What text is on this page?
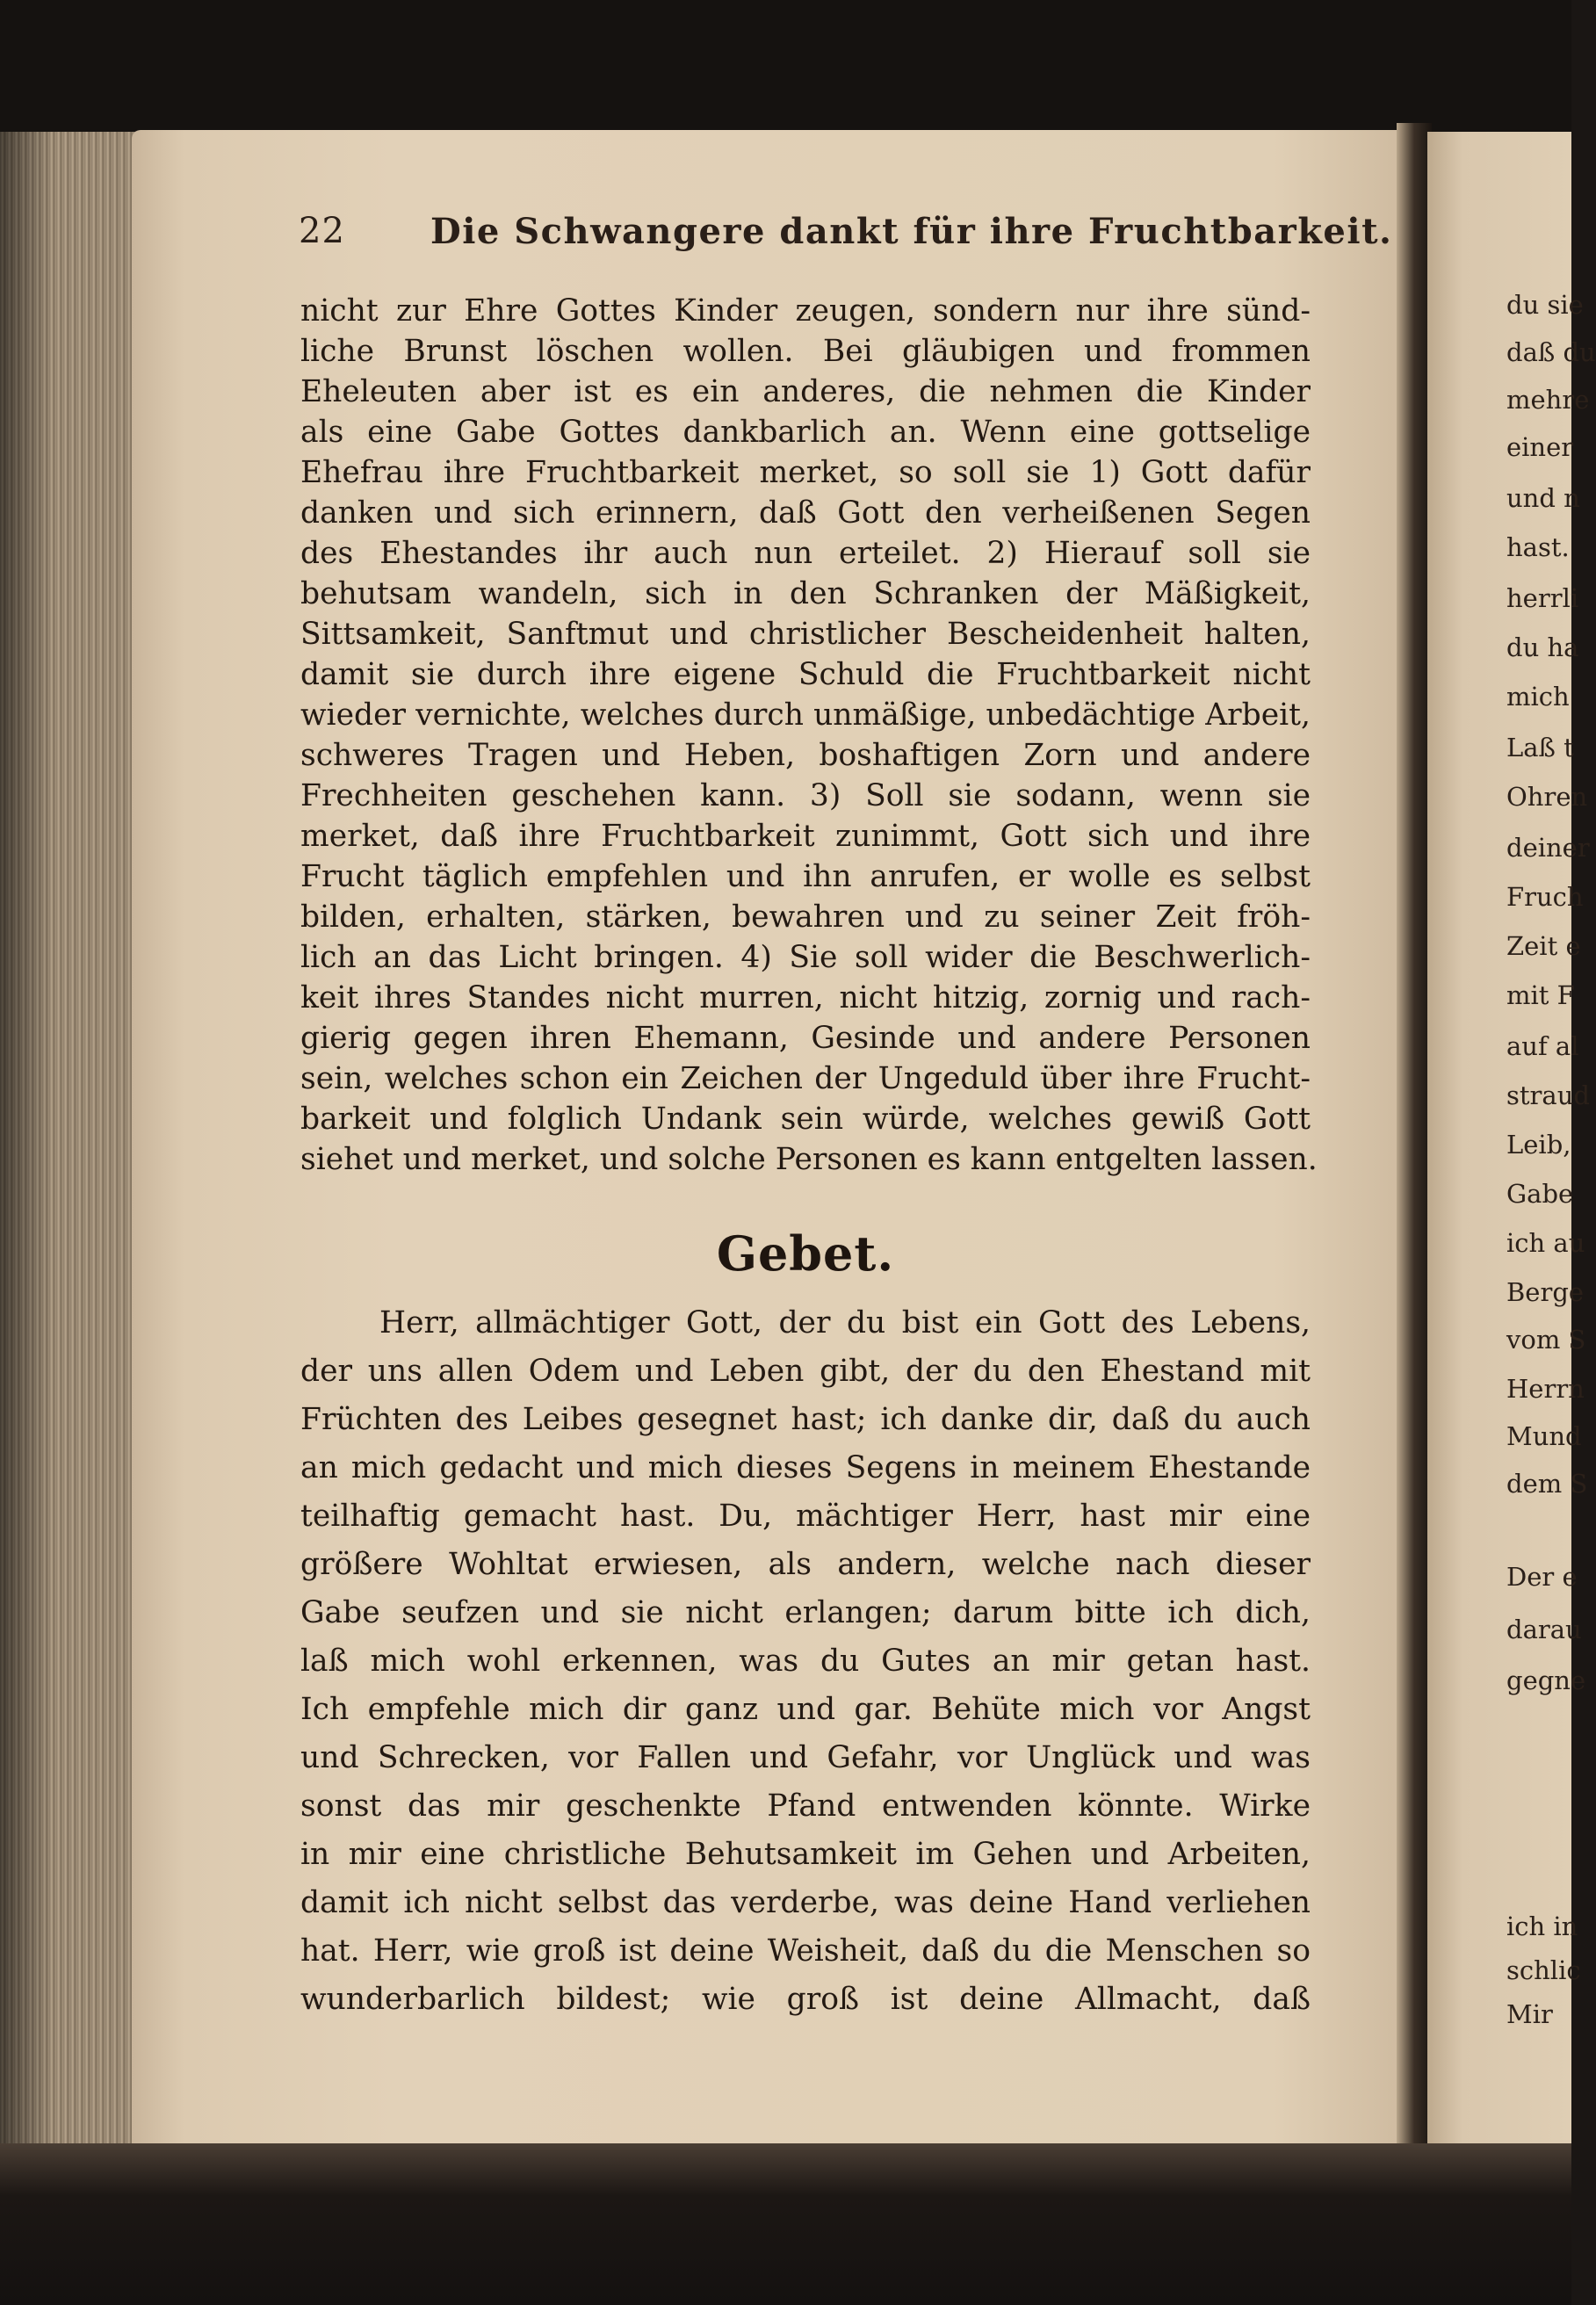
22 Die Schwangere dankt für ihre Fruchtbarkeit.
nicht zur Ehre Gottes Kinder zeugen, sondern nur ihre sünd-
liche Brunst löschen wollen. Bei gläubigen und frommen
Eheleuten aber ist es ein anderes, die nehmen die Kinder
als eine Gabe Gottes dankbarlich an. Wenn eine gottselige
Ehefrau ihre Fruchtbarkeit merket, so soll sie 1) Gott dafür
danken und sich erinnern, daß Gott den verheißenen Segen
des Ehestandes ihr auch nun erteilet. 2) Hierauf soll sie
behutsam wandeln, sich in den Schranken der Mäßigkeit,
Sittsamkeit, Sanftmut und christlicher Bescheidenheit halten,
damit sie durch ihre eigene Schuld die Fruchtbarkeit nicht
wieder vernichte, welches durch unmäßige, unbedächtige Arbeit,
schweres Tragen und Heben, boshaftigen Zorn und andere
Frechheiten geschehen kann. 3) Soll sie sodann, wenn sie
merket, daß ihre Fruchtbarkeit zunimmt, Gott sich und ihre
Frucht täglich empfehlen und ihn anrufen, er wolle es selbst
bilden, erhalten, stärken, bewahren und zu seiner Zeit fröh-
lich an das Licht bringen. 4) Sie soll wider die Beschwerlich-
keit ihres Standes nicht murren, nicht hitzig, zornig und rach-
gierig gegen ihren Ehemann, Gesinde und andere Personen
sein, welches schon ein Zeichen der Ungeduld über ihre Frucht-
barkeit und folglich Undank sein würde, welches gewiß Gott
siehet und merket, und solche Personen es kann entgelten lassen.
Gebet.
Herr, allmächtiger Gott, der du bist ein Gott des Lebens,
der uns allen Odem und Leben gibt, der du den Ehestand mit
Früchten des Leibes gesegnet hast; ich danke dir, daß du auch
an mich gedacht und mich dieses Segens in meinem Ehestande
teilhaftig gemacht hast. Du, mächtiger Herr, hast mir eine
größere Wohltat erwiesen, als andern, welche nach dieser
Gabe seufzen und sie nicht erlangen; darum bitte ich dich,
laß mich wohl erkennen, was du Gutes an mir getan hast.
Ich empfehle mich dir ganz und gar. Behüte mich vor Angst
und Schrecken, vor Fallen und Gefahr, vor Unglück und was
sonst das mir geschenkte Pfand entwenden könnte. Wirke
in mir eine christliche Behutsamkeit im Gehen und Arbeiten,
damit ich nicht selbst das verderbe, was deine Hand verliehen
hat. Herr, wie groß ist deine Weisheit, daß du die Menschen so
wunderbarlich bildest; wie groß ist deine Allmacht, daß
du sie
daß du
mehre
einer
und n
hast.
herrli
du ha
mich
Laß t
Ohren
deiner
Fruch
Zeit e
mit F
auf al
straud
Leib,
Gabe
ich au
Berge
vom S
Herrn
Mund
dem S
Der e
darau
gegne
ich in
schlic
Mir
